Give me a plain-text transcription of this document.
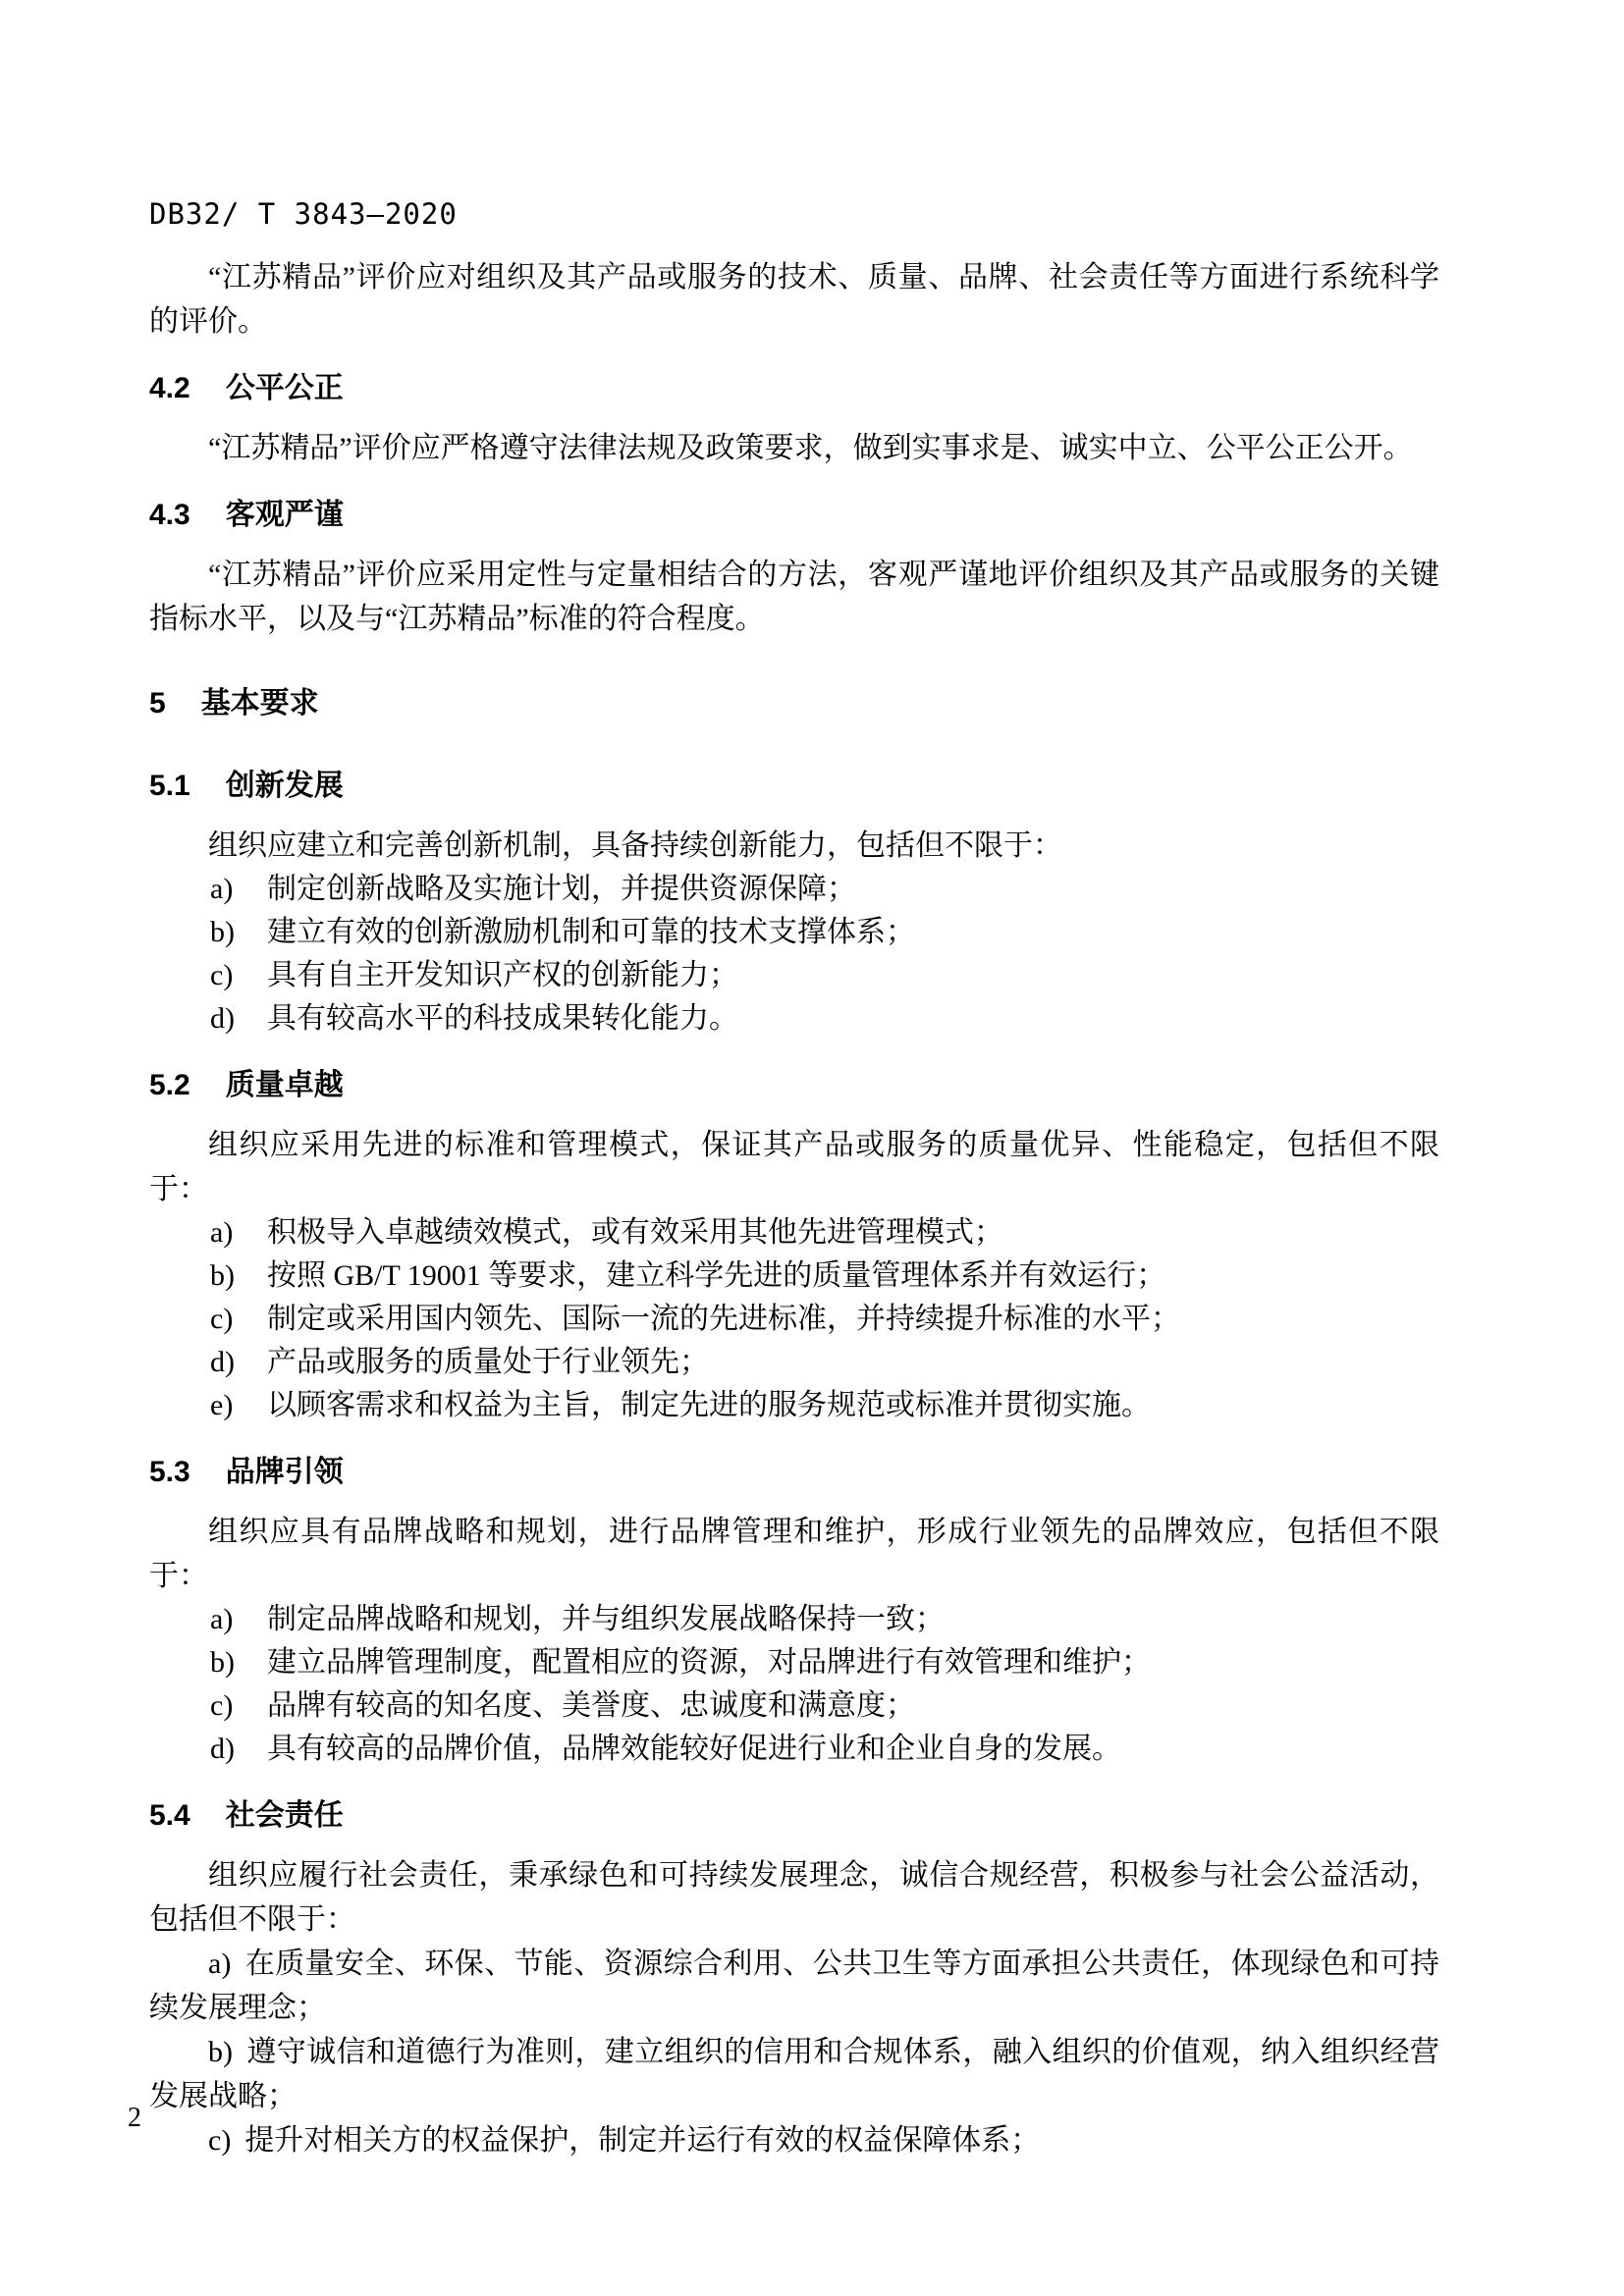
DB32/ T 3843—2020

“江苏精品”评价应对组织及其产品或服务的技术、质量、品牌、社会责任等方面进行系统科学的评价。

4.2 公平公正

“江苏精品”评价应严格遵守法律法规及政策要求，做到实事求是、诚实中立、公平公正公开。

4.3 客观严谨

“江苏精品”评价应采用定性与定量相结合的方法，客观严谨地评价组织及其产品或服务的关键指标水平，以及与“江苏精品”标准的符合程度。

5 基本要求
5.1 创新发展

组织应建立和完善创新机制，具备持续创新能力，包括但不限于：

a)	制定创新战略及实施计划，并提供资源保障；
b)	建立有效的创新激励机制和可靠的技术支撑体系；
c)	具有自主开发知识产权的创新能力；
d)	具有较高水平的科技成果转化能力。
5.2 质量卓越

组织应采用先进的标准和管理模式，保证其产品或服务的质量优异、性能稳定，包括但不限于：

a)	积极导入卓越绩效模式，或有效采用其他先进管理模式；
b)	按照 GB/T 19001 等要求，建立科学先进的质量管理体系并有效运行；
c)	制定或采用国内领先、国际一流的先进标准，并持续提升标准的水平；
d)	产品或服务的质量处于行业领先；
e)	以顾客需求和权益为主旨，制定先进的服务规范或标准并贯彻实施。
5.3 品牌引领

组织应具有品牌战略和规划，进行品牌管理和维护，形成行业领先的品牌效应，包括但不限于：

a)	制定品牌战略和规划，并与组织发展战略保持一致；
b)	建立品牌管理制度，配置相应的资源，对品牌进行有效管理和维护；
c)	品牌有较高的知名度、美誉度、忠诚度和满意度；
d)	具有较高的品牌价值，品牌效能较好促进行业和企业自身的发展。
5.4 社会责任

组织应履行社会责任，秉承绿色和可持续发展理念，诚信合规经营，积极参与社会公益活动，包括但不限于：

a) 在质量安全、环保、节能、资源综合利用、公共卫生等方面承担公共责任，体现绿色和可持续发展理念；

b) 遵守诚信和道德行为准则，建立组织的信用和合规体系，融入组织的价值观，纳入组织经营发展战略；

c) 提升对相关方的权益保护，制定并运行有效的权益保障体系；

2
